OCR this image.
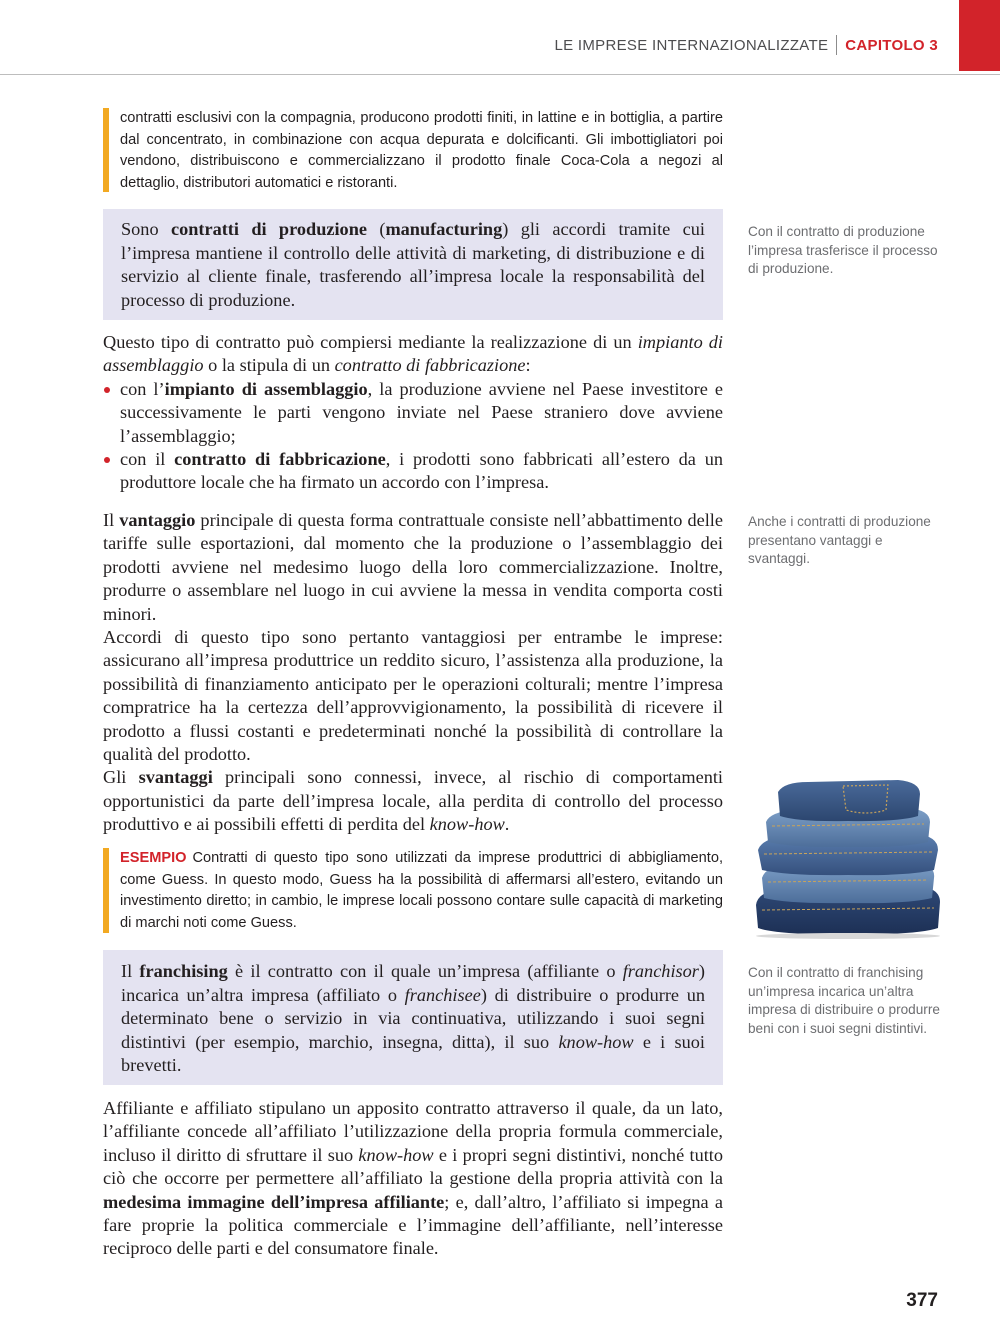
LE IMPRESE INTERNAZIONALIZZATE CAPITOLO 3
contratti esclusivi con la compagnia, producono prodotti finiti, in lattine e in bottiglia, a partire dal concentrato, in combinazione con acqua depurata e dolcificanti. Gli imbottigliatori poi vendono, distribuiscono e commercializzano il prodotto finale Coca-Cola a negozi al dettaglio, distributori automatici e ristoranti.
Sono contratti di produzione (manufacturing) gli accordi tramite cui l’impresa mantiene il controllo delle attività di marketing, di distribuzione e di servizio al cliente finale, trasferendo all’impresa locale la responsabilità del processo di produzione.
Con il contratto di produzione l’impresa trasferisce il processo di produzione.

Questo tipo di contratto può compiersi mediante la realizzazione di un impianto di assemblaggio o la stipula di un contratto di fabbricazione:

con l’impianto di assemblaggio, la produzione avviene nel Paese investitore e successivamente le parti vengono inviate nel Paese straniero dove avviene l’assemblaggio;
con il contratto di fabbricazione, i prodotti sono fabbricati all’estero da un produttore locale che ha firmato un accordo con l’impresa.

Il vantaggio principale di questa forma contrattuale consiste nell’abbattimento delle tariffe sulle esportazioni, dal momento che la produzione o l’assemblaggio dei prodotti avviene nel medesimo luogo della loro commercializzazione. Inoltre, produrre o assemblare nel luogo in cui avviene la messa in vendita comporta costi minori.

Accordi di questo tipo sono pertanto vantaggiosi per entrambe le imprese: assicurano all’impresa produttrice un reddito sicuro, l’assistenza alla produzione, la possibilità di finanziamento anticipato per le operazioni colturali; mentre l’impresa compratrice ha la certezza dell’approvvigionamento, la possibilità di ricevere il prodotto a flussi costanti e predeterminati nonché la possibilità di controllare la qualità del prodotto.

Gli svantaggi principali sono connessi, invece, al rischio di comportamenti opportunistici da parte dell’impresa locale, alla perdita di controllo del processo produttivo e ai possibili effetti di perdita del know-how.

Anche i contratti di produzione presentano vantaggi e svantaggi.
ESEMPIO Contratti di questo tipo sono utilizzati da imprese produttrici di abbigliamento, come Guess. In questo modo, Guess ha la possibilità di affermarsi all’estero, evitando un investimento diretto; in cambio, le imprese locali possono contare sulle capacità di marketing di marchi noti come Guess.
Il franchising è il contratto con il quale un’impresa (affiliante o franchisor) incarica un’altra impresa (affiliato o franchisee) di distribuire o produrre un determinato bene o servizio in via continuativa, utilizzando i suoi segni distintivi (per esempio, marchio, insegna, ditta), il suo know-how e i suoi brevetti.
Con il contratto di franchising un’impresa incarica un’altra impresa di distribuire o produrre beni con i suoi segni distintivi.

Affiliante e affiliato stipulano un apposito contratto attraverso il quale, da un lato, l’affiliante concede all’affiliato l’utilizzazione della propria formula commerciale, incluso il diritto di sfruttare il suo know-how e i propri segni distintivi, nonché tutto ciò che occorre per permettere all’affiliato la gestione della propria attività con la medesima immagine dell’impresa affiliante; e, dall’altro, l’affiliato si impegna a fare proprie la politica commerciale e l’immagine dell’affiliante, nell’interesse reciproco delle parti e del consumatore finale.

377
